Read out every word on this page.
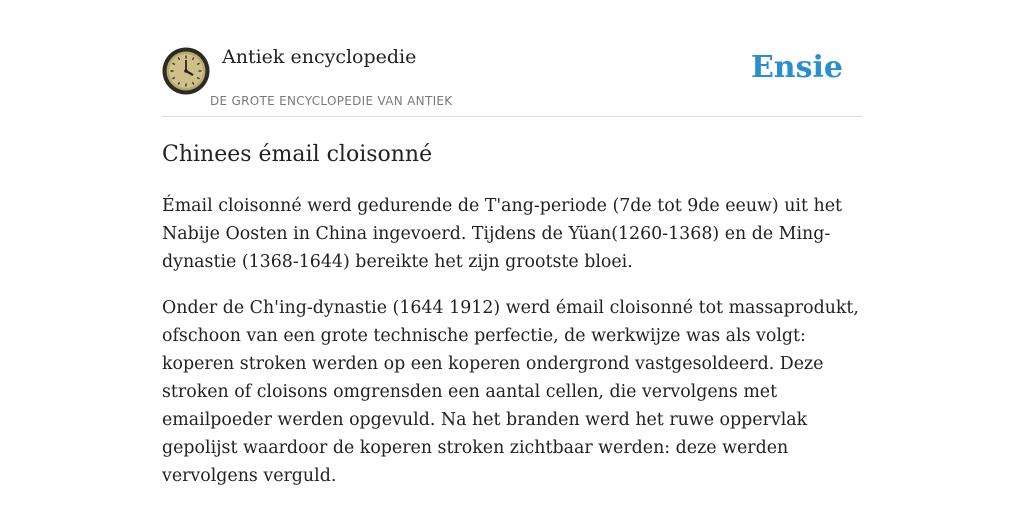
Antiek encyclopedie
DE GROTE ENCYCLOPEDIE VAN ANTIEK
Ensie
Chinees émail cloisonné

Émail cloisonné werd gedurende de T'ang-periode (7de tot 9de eeuw) uit het Nabije Oosten in China ingevoerd. Tijdens de Yüan(1260-1368) en de Ming-dynastie (1368-1644) bereikte het zijn grootste bloei.

Onder de Ch'ing-dynastie (1644 1912) werd émail cloisonné tot massaprodukt, ofschoon van een grote technische perfectie, de werkwijze was als volgt: koperen stroken werden op een koperen ondergrond vastgesoldeerd. Deze stroken of cloisons omgrensden een aantal cellen, die vervolgens met emailpoeder werden opgevuld. Na het branden werd het ruwe oppervlak gepolijst waardoor de koperen stroken zichtbaar werden: deze werden vervolgens verguld.
